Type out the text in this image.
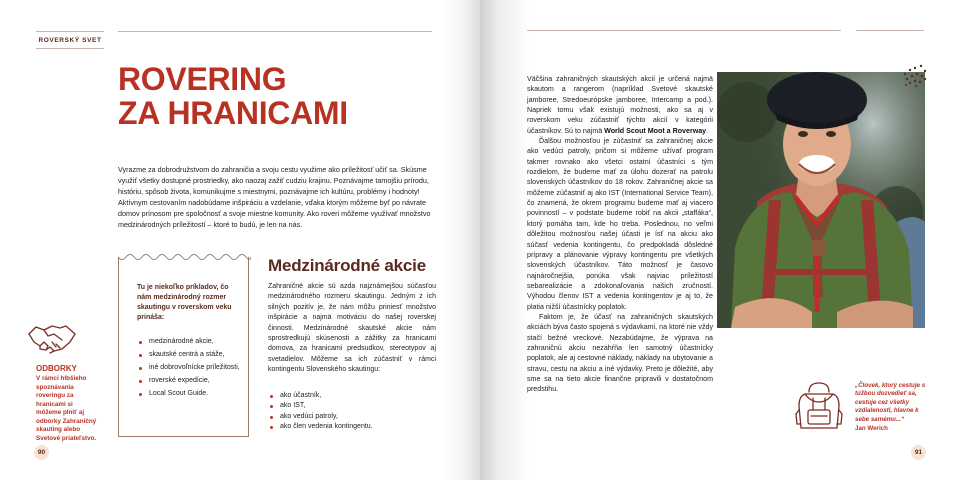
ROVERSKÝ SVET
ROVERING
ZA HRANICAMI

Vyrazme za dobrodružstvom do zahraničia a svoju cestu využime ako príležitosť učiť sa. Skúsme využiť všetky dostupné prostriedky, ako naozaj zažiť cudziu krajinu. Poznávajme tamojšiu prírodu, históriu, spôsob života, komunikujme s miestnymi, poznávajme ich kultúru, problémy i hodnoty! Aktívnym cestovaním nadobúdame inšpiráciu a vzdelanie, vďaka ktorým môžeme byť po návrate domov prínosom pre spoločnosť a svoje miestne komunity. Ako roveri môžeme využívať množstvo medzinárodných príležitostí – ktoré to budú, je len na nás.

Tu je niekoľko príkladov, čo nám medzinárodný rozmer skautingu v roverskom veku prináša:

medzinárodné akcie,
skautské centrá a stáže,
iné dobrovoľnícke príležitosti,
roverské expedície,
Local Scout Guide.
Medzinárodné akcie

Zahraničné akcie sú azda najznámejšou súčasťou medzinárodného rozmeru skautingu. Jedným z ich silných pozitív je, že nám môžu priniesť množstvo inšpirácie a najmä motiváciu do našej roverskej činnosti. Medzinárodné skautské akcie nám sprostredkujú skúsenosti a zážitky za hranicami domova, za hranicami predsudkov, stereotypov aj svetadielov. Môžeme sa ich zúčastniť v rámci kontingentu Slovenského skautingu:

ako účastník,
ako IST,
ako vedúci patroly,
ako člen vedenia kontingentu.
ODBORKY

V rámci hlbšieho spoznávania roveringu za hranicami si môžeme plniť aj odborky Zahraničný skauting alebo Svetové priateľstvo.

90

Väčšina zahraničných skautských akcií je určená najmä skautom a rangerom (napríklad Svetové skautské jamboree, Stredoeurópske jamboree, Intercamp a pod.). Napriek tomu však existujú možnosti, ako sa aj v roverskom veku zúčastniť týchto akcií v kategórii účastníkov. Sú to najmä World Scout Moot a Roverway.

Ďalšou možnosťou je zúčastniť sa zahraničnej akcie ako vedúci patroly, pričom si môžeme užívať program takmer rovnako ako všetci ostatní účastníci s tým rozdielom, že budeme mať za úlohu dozerať na patrolu slovenských účastníkov do 18 rokov. Zahraničnej akcie sa môžeme zúčastniť aj ako IST (International Service Team), čo znamená, že okrem programu budeme mať aj viacero povinností – v podstate budeme robiť na akcii „staffáka“, ktorý pomáha tam, kde ho treba. Poslednou, no veľmi dôležitou možnosťou našej účasti je ísť na akciu ako súčasť vedenia kontingentu, čo predpokladá dôsledné prípravy a plánovanie výpravy kontingentu pre všetkých slovenských účastníkov. Táto možnosť je časovo najnáročnejšia, ponúka však najviac príležitostí sebarealizácie a zdokonaľovania našich zručností. Výhodou členov IST a vedenia kontingentov je aj to, že platia nižší účastnícky poplatok.

Faktom je, že účasť na zahraničných skautských akciách býva často spojená s výdavkami, na ktoré nie vždy stačí bežné vreckové. Nezabúdajme, že výprava na zahraničnú akciu nezahŕňa len samotný účastnícky poplatok, ale aj cestovné náklady, náklady na ubytovanie a stravu, cestu na akciu a iné výdavky. Preto je dôležité, aby sme sa na tieto akcie finančne pripravili v dostatočnom predstihu.	„Človek, ktorý cestuje s túžbou dozvedieť sa, cestuje cez všetky vzdialenosti, hlavne k sebe samému...“

Jan Werich
91
